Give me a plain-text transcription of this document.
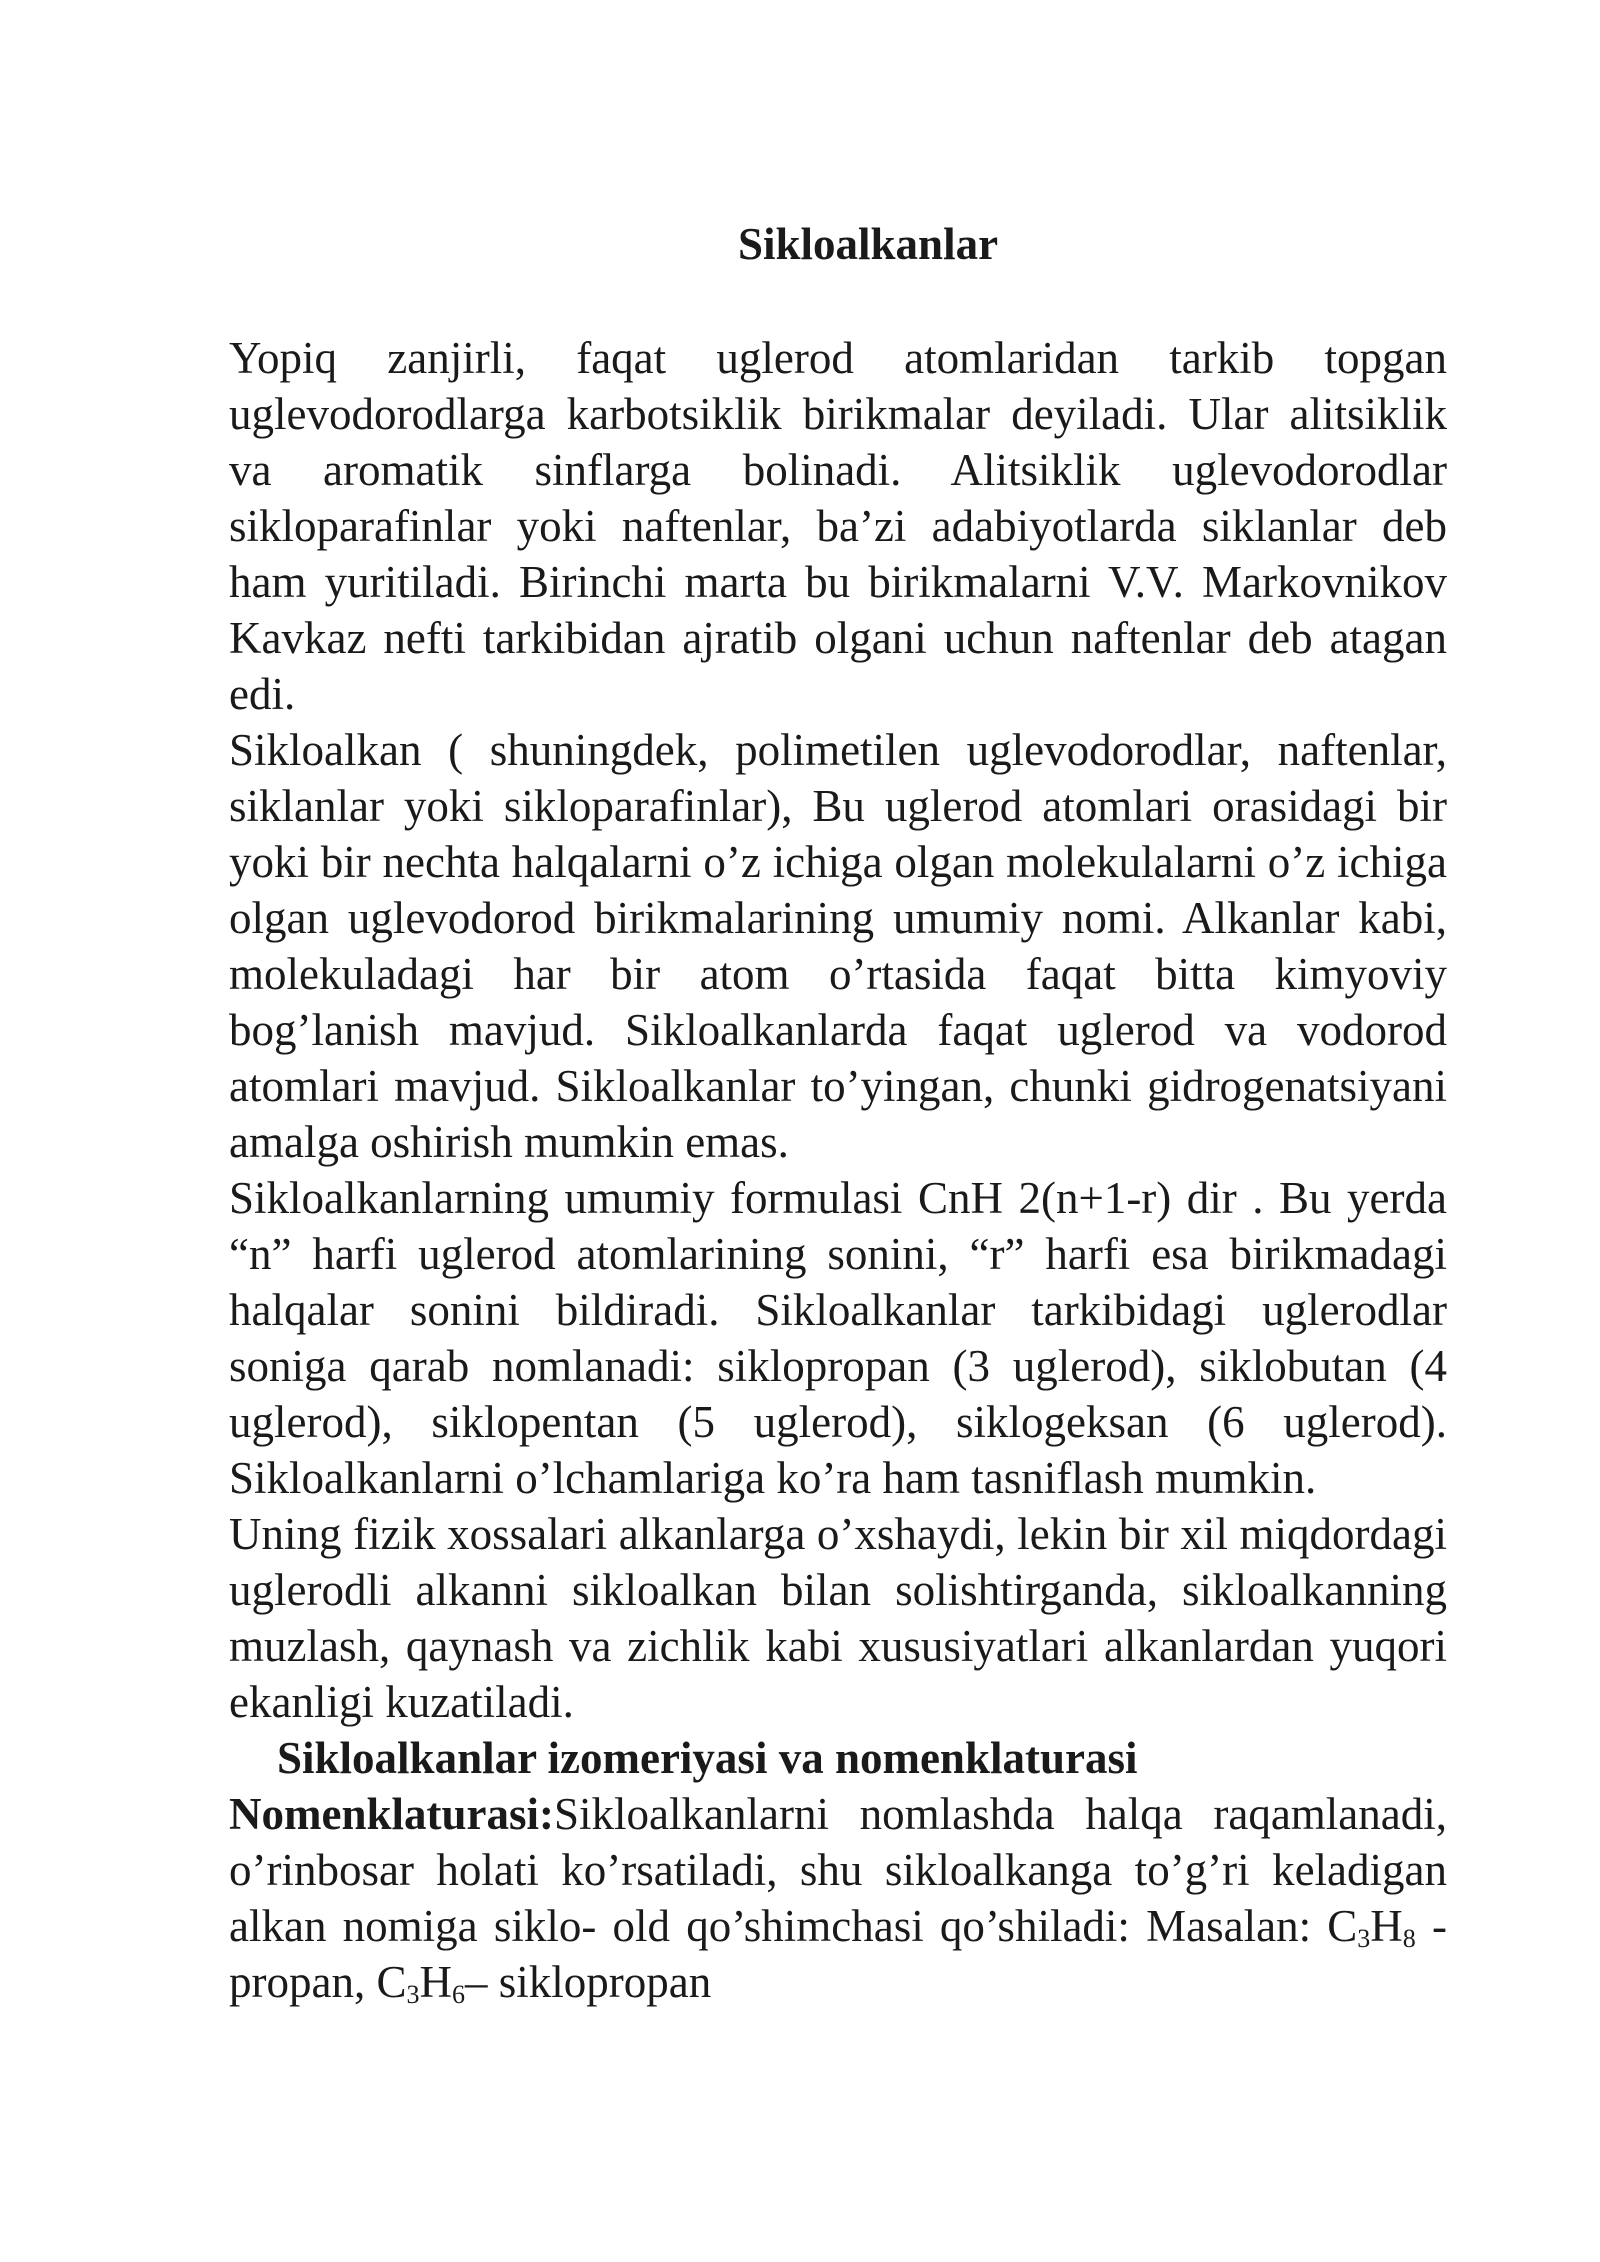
Sikloalkanlar

Yopiq zanjirli, faqat uglerod atomlaridan tarkib topgan uglevodorodlarga karbotsiklik birikmalar deyiladi. Ular alitsiklik va aromatik sinflarga bolinadi. Alitsiklik uglevodorodlar sikloparafinlar yoki naftenlar, ba’zi adabiyotlarda siklanlar deb ham yuritiladi. Birinchi marta bu birikmalarni V.V. Markovnikov Kavkaz nefti tarkibidan ajratib olgani uchun naftenlar deb atagan edi.

Sikloalkan ( shuningdek, polimetilen uglevodorodlar, naftenlar, siklanlar yoki sikloparafinlar), Bu uglerod atomlari orasidagi bir yoki bir nechta halqalarni o’z ichiga olgan molekulalarni o’z ichiga olgan uglevodorod birikmalarining umumiy nomi. Alkanlar kabi, molekuladagi har bir atom o’rtasida faqat bitta kimyoviy bog’lanish mavjud. Sikloalkanlarda faqat uglerod va vodorod atomlari mavjud. Sikloalkanlar to’yingan, chunki gidrogenatsiyani amalga oshirish mumkin emas.

Sikloalkanlarning umumiy formulasi CnH 2(n+1-r) dir . Bu yerda “n” harfi uglerod atomlarining sonini, “r” harfi esa birikmadagi halqalar sonini bildiradi. Sikloalkanlar tarkibidagi uglerodlar soniga qarab nomlanadi: siklopropan (3 uglerod), siklobutan (4 uglerod), siklopentan (5 uglerod), siklogeksan (6 uglerod). Sikloalkanlarni o’lchamlariga ko’ra ham tasniflash mumkin.

Uning fizik xossalari alkanlarga o’xshaydi, lekin bir xil miqdordagi uglerodli alkanni sikloalkan bilan solishtirganda, sikloalkanning muzlash, qaynash va zichlik kabi xususiyatlari alkanlardan yuqori ekanligi kuzatiladi.

Sikloalkanlar izomeriyasi va nomenklaturasi

Nomenklaturasi:Sikloalkanlarni nomlashda halqa raqamlanadi, o’rinbosar holati ko’rsatiladi, shu sikloalkanga to’g’ri keladigan alkan nomiga siklo- old qo’shimchasi qo’shiladi: Masalan: $C_3H_8$ - propan, $C_3H_6-$ siklopropan
